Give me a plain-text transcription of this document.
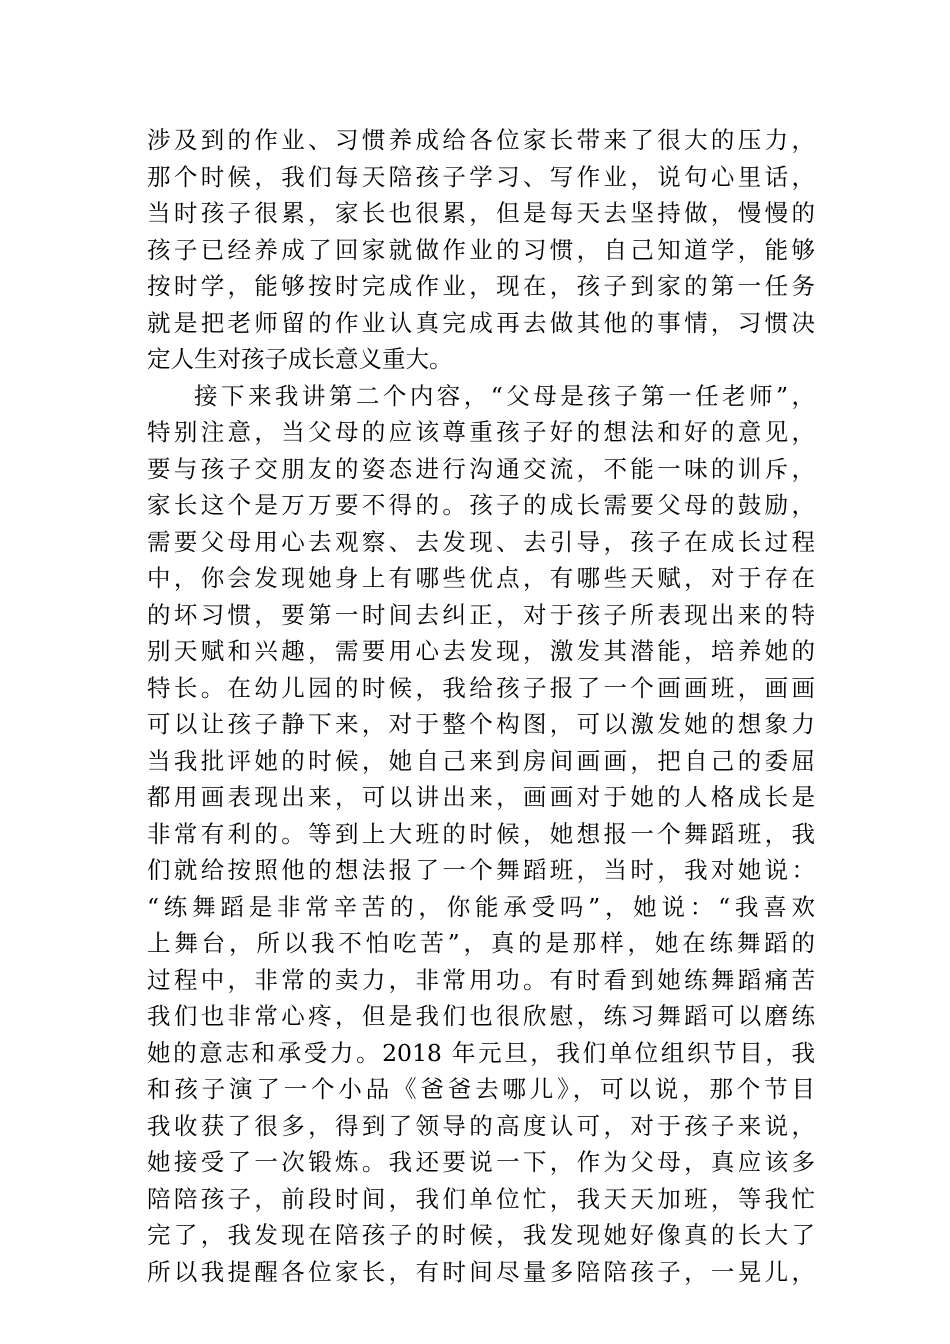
涉及到的作业、习惯养成给各位家长带来了很大的压力，
那个时候，我们每天陪孩子学习、写作业，说句心里话，
当时孩子很累，家长也很累，但是每天去坚持做，慢慢的
孩子已经养成了回家就做作业的习惯，自己知道学，能够
按时学，能够按时完成作业，现在，孩子到家的第一任务
就是把老师留的作业认真完成再去做其他的事情，习惯决
定人生对孩子成长意义重大。
接下来我讲第二个内容，“父母是孩子第一任老师”，
特别注意，当父母的应该尊重孩子好的想法和好的意见，
要与孩子交朋友的姿态进行沟通交流，不能一味的训斥，
家长这个是万万要不得的。孩子的成长需要父母的鼓励，
需要父母用心去观察、去发现、去引导，孩子在成长过程
中，你会发现她身上有哪些优点，有哪些天赋，对于存在
的坏习惯，要第一时间去纠正，对于孩子所表现出来的特
别天赋和兴趣，需要用心去发现，激发其潜能，培养她的
特长。在幼儿园的时候，我给孩子报了一个画画班，画画
可以让孩子静下来，对于整个构图，可以激发她的想象力
当我批评她的时候，她自己来到房间画画，把自己的委屈
都用画表现出来，可以讲出来，画画对于她的人格成长是
非常有利的。等到上大班的时候，她想报一个舞蹈班，我
们就给按照他的想法报了一个舞蹈班，当时，我对她说：
“练舞蹈是非常辛苦的，你能承受吗”，她说：“我喜欢
上舞台，所以我不怕吃苦”，真的是那样，她在练舞蹈的
过程中，非常的卖力，非常用功。有时看到她练舞蹈痛苦
我们也非常心疼，但是我们也很欣慰，练习舞蹈可以磨练
她的意志和承受力。2018 年元旦，我们单位组织节目，我
和孩子演了一个小品《爸爸去哪儿》，可以说，那个节目
我收获了很多，得到了领导的高度认可，对于孩子来说，
她接受了一次锻炼。我还要说一下，作为父母，真应该多
陪陪孩子，前段时间，我们单位忙，我天天加班，等我忙
完了，我发现在陪孩子的时候，我发现她好像真的长大了
所以我提醒各位家长，有时间尽量多陪陪孩子，一晃儿，
